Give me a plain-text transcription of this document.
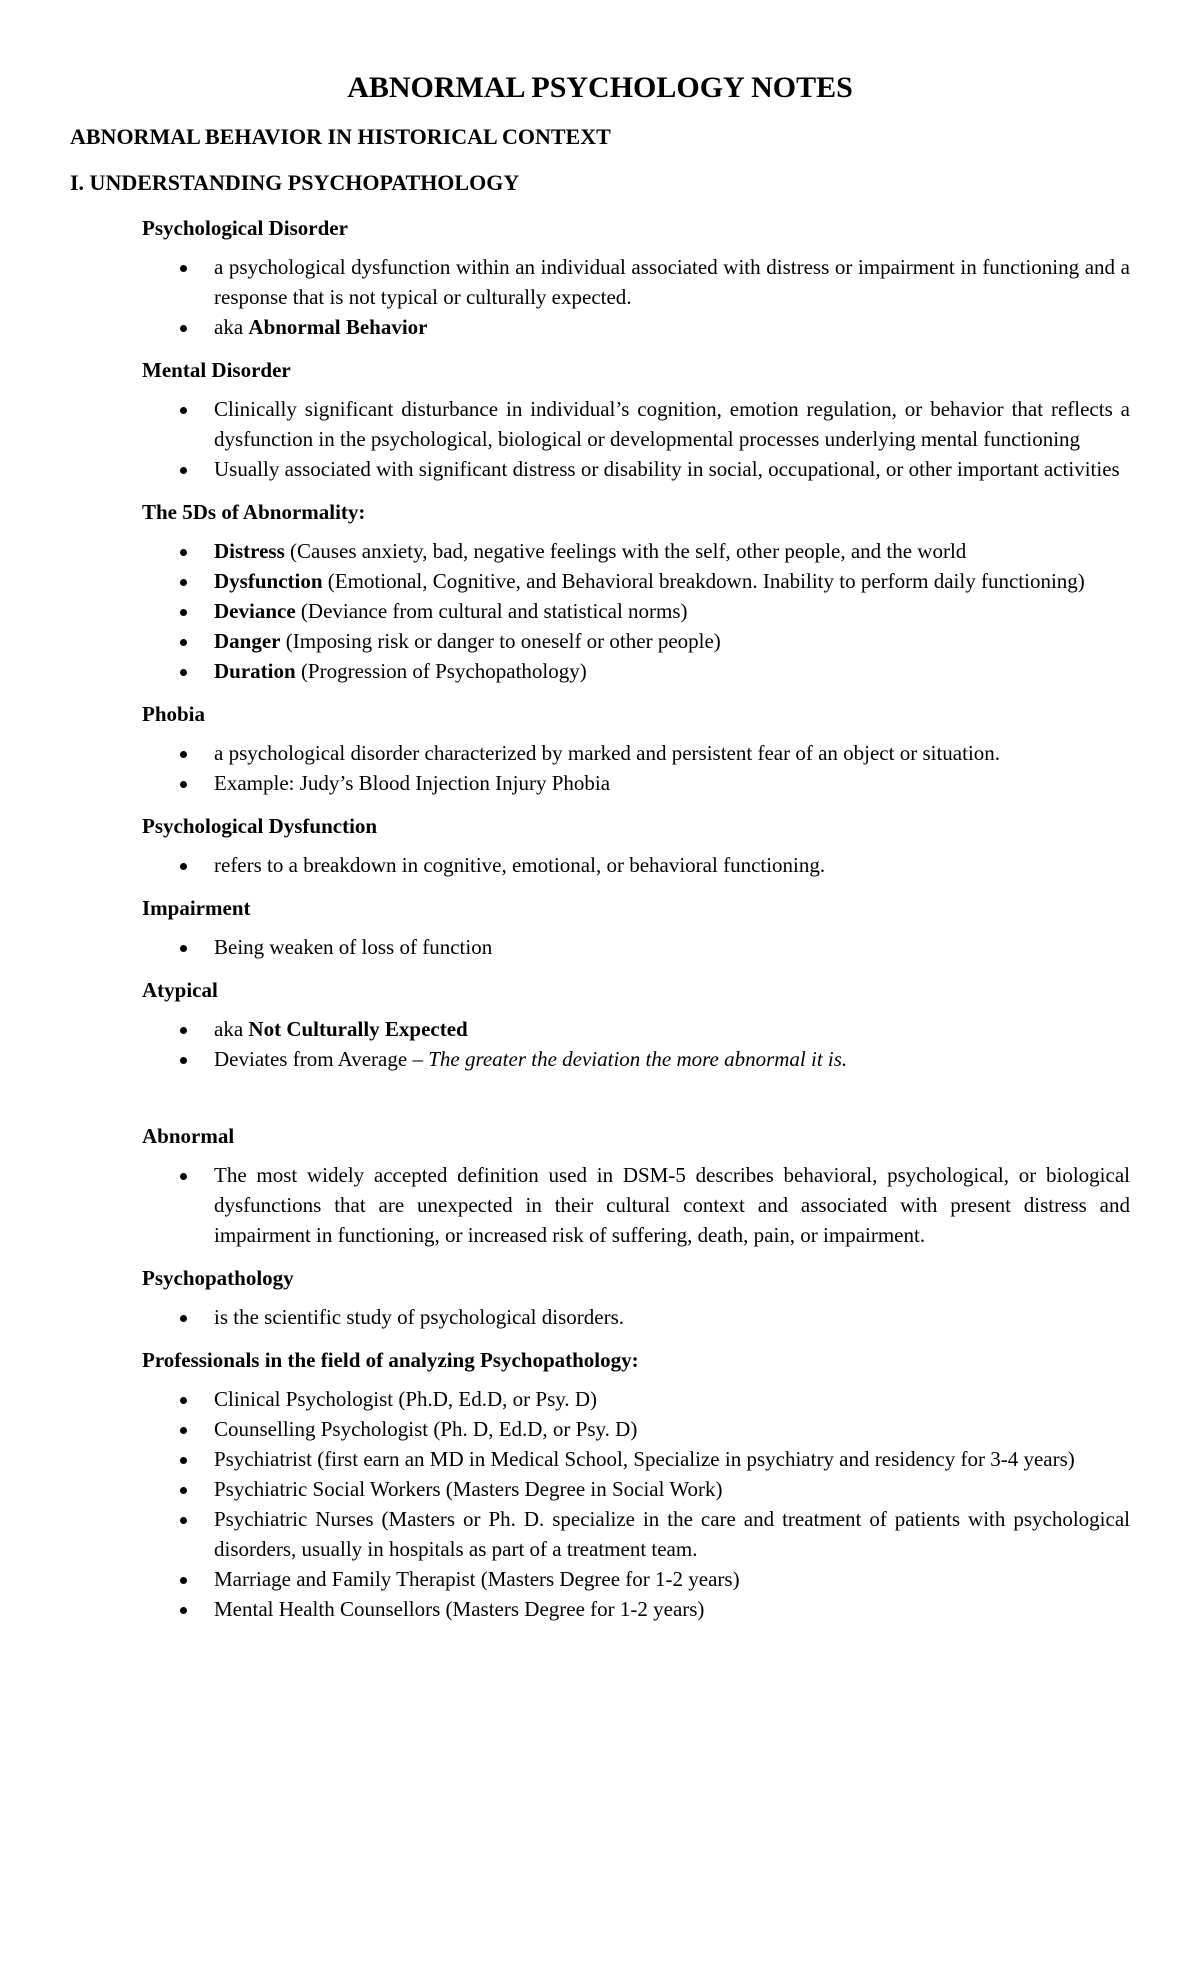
ABNORMAL PSYCHOLOGY NOTES
ABNORMAL BEHAVIOR IN HISTORICAL CONTEXT
I. UNDERSTANDING PSYCHOPATHOLOGY
Psychological Disorder
a psychological dysfunction within an individual associated with distress or impairment in functioning and a response that is not typical or culturally expected.
aka Abnormal Behavior
Mental Disorder
Clinically significant disturbance in individual’s cognition, emotion regulation, or behavior that reflects a dysfunction in the psychological, biological or developmental processes underlying mental functioning
Usually associated with significant distress or disability in social, occupational, or other important activities
The 5Ds of Abnormality:
Distress (Causes anxiety, bad, negative feelings with the self, other people, and the world
Dysfunction (Emotional, Cognitive, and Behavioral breakdown. Inability to perform daily functioning)
Deviance (Deviance from cultural and statistical norms)
Danger (Imposing risk or danger to oneself or other people)
Duration (Progression of Psychopathology)
Phobia
a psychological disorder characterized by marked and persistent fear of an object or situation.
Example: Judy’s Blood Injection Injury Phobia
Psychological Dysfunction
refers to a breakdown in cognitive, emotional, or behavioral functioning.
Impairment
Being weaken of loss of function
Atypical
aka Not Culturally Expected
Deviates from Average – The greater the deviation the more abnormal it is.
Abnormal
The most widely accepted definition used in DSM-5 describes behavioral, psychological, or biological dysfunctions that are unexpected in their cultural context and associated with present distress and impairment in functioning, or increased risk of suffering, death, pain, or impairment.
Psychopathology
is the scientific study of psychological disorders.
Professionals in the field of analyzing Psychopathology:
Clinical Psychologist (Ph.D, Ed.D, or Psy. D)
Counselling Psychologist (Ph. D, Ed.D, or Psy. D)
Psychiatrist (first earn an MD in Medical School, Specialize in psychiatry and residency for 3-4 years)
Psychiatric Social Workers (Masters Degree in Social Work)
Psychiatric Nurses (Masters or Ph. D. specialize in the care and treatment of patients with psychological disorders, usually in hospitals as part of a treatment team.
Marriage and Family Therapist (Masters Degree for 1-2 years)
Mental Health Counsellors (Masters Degree for 1-2 years)
